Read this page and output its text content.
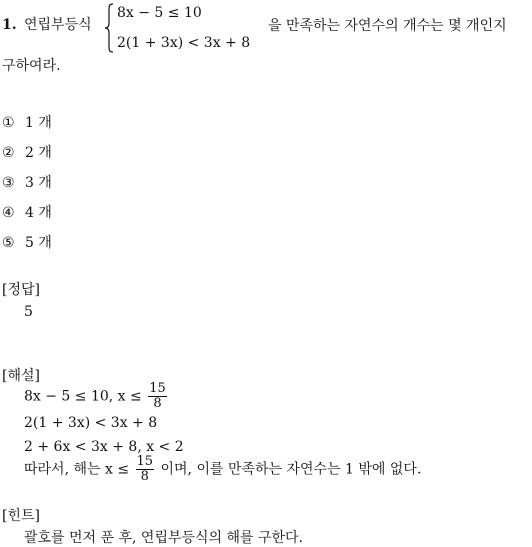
1. 연립부등식
8x − 5 ≤ 10
2(1 + 3x) < 3x + 8
을 만족하는 자연수의 개수는 몇 개인지
구하여라.
① 1 개
② 2 개
③ 3 개
④ 4 개
⑤ 5 개
[정답]
5
[해설]
8x − 5 ≤ 10, $x \le \frac{15}{8}$
2(1 + 3x) < 3x + 8
2 + 6x < 3x + 8, x < 2
따라서, 해는 $x \le \frac{15}{8}$ 이며, 이를 만족하는 자연수는 1 밖에 없다.
[힌트]
괄호를 먼저 푼 후, 연립부등식의 해를 구한다.
